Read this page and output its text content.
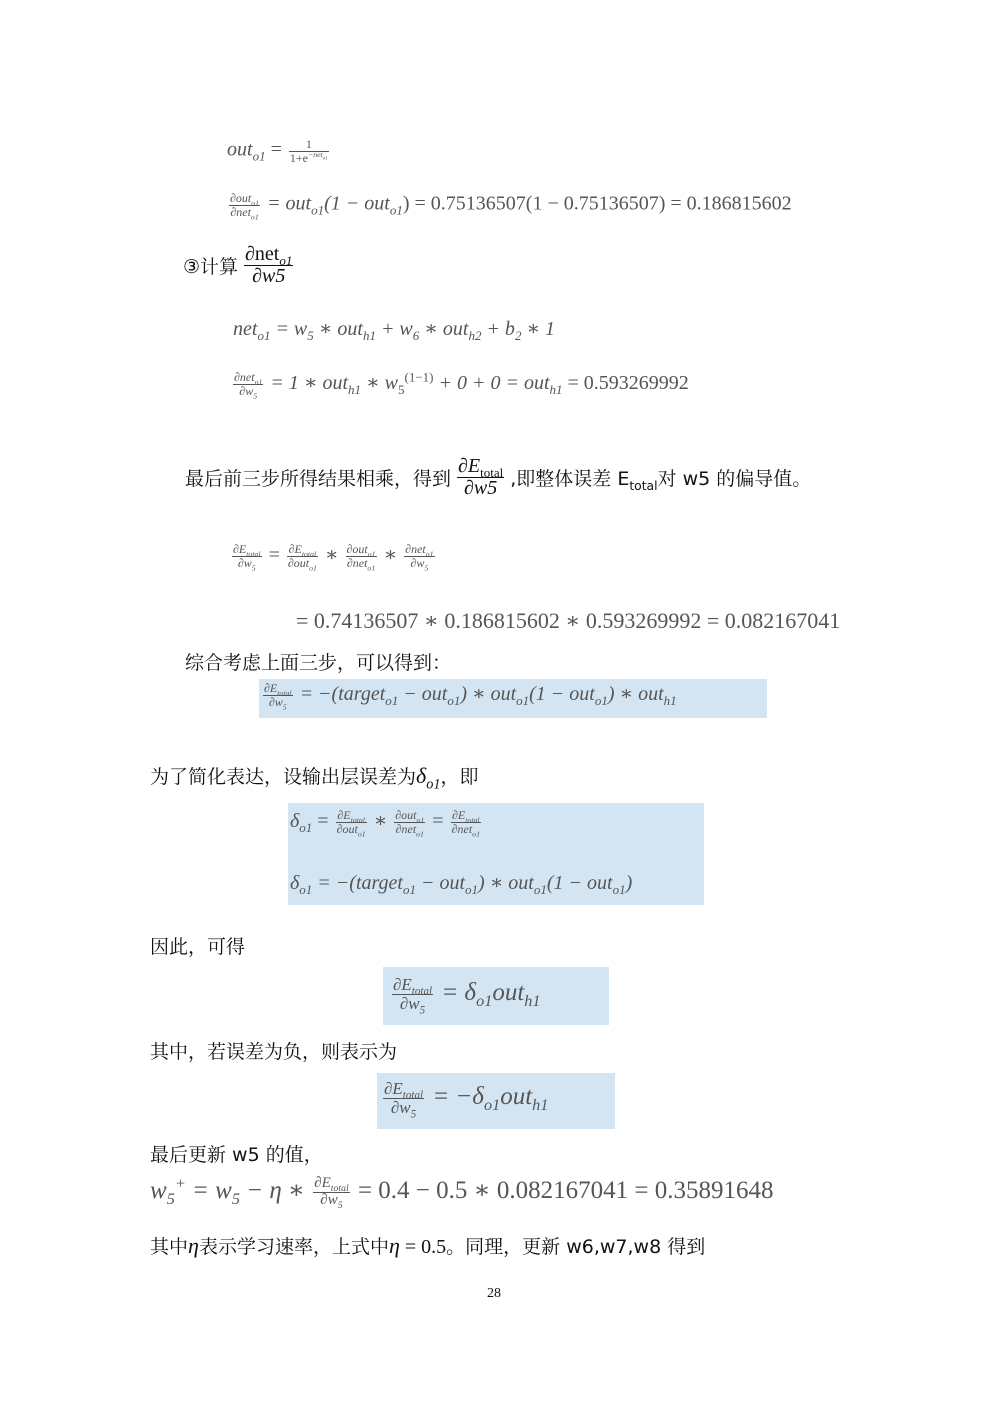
$out_{o1} = \frac{1}{1+e^{-net_{o1}}}$
$\frac{\partial out_{o1}}{\partial net_{o1}} = out_{o1}(1 - out_{o1}) = 0.75136507(1 - 0.75136507) = 0.186815602$
③计算 $\frac{\partial net_{o1}}{\partial w5}$
$net_{o1} = w_5$ ∗ $out_{h1} + w_6$ ∗ $out_{h2} + b_2$ ∗ 1
$\frac{\partial net_{o1}}{\partial w_5} = 1$ ∗ out$_{h1}$ ∗ $w_5^{(1-1)} + 0 + 0 = out_{h1} = 0.593269992$
最后前三步所得结果相乘，得到 $\frac{\partial E_{total}}{\partial w5}$ ,即整体误差 $E_{total}$对 w5 的偏导值。
$\frac{\partial E_{total}}{\partial w_5} = \frac{\partial E_{total}}{\partial out_{o1}}$ ∗ $\frac{\partial out_{o1}}{\partial net_{o1}}$ ∗ $\frac{\partial net_{o1}}{\partial w_5}$
= 0.74136507 ∗ 0.186815602 ∗ 0.593269992 = 0.082167041
综合考虑上面三步，可以得到：
$\frac{\partial E_{total}}{\partial w_5}$ = −(target$_{o1}$ − out$_{o1}$) ∗ out$_{o1}$(1 − out$_{o1}$) ∗ out$_{h1}$
为了简化表达，设输出层误差为$\delta_{o1}$，即
$\delta_{o1} = \frac{\partial E_{total}}{\partial out_{o1}}$ ∗ $\frac{\partial out_{o1}}{\partial net_{o1}} = \frac{\partial E_{total}}{\partial net_{o1}}$
$\delta_{o1}$ = −(target$_{o1}$ − out$_{o1}$) ∗ out$_{o1}$(1 − out$_{o1}$)
因此，可得
$\frac{\partial E_{total}}{\partial w_5} = \delta_{o1}out_{h1}$
其中，若误差为负，则表示为
$\frac{\partial E_{total}}{\partial w_5} = -\delta_{o1}out_{h1}$
最后更新 w5 的值，
$w_5^+ = w_5 - \eta$ ∗ $\frac{\partial E_{total}}{\partial w_5} = 0.4 - 0.5$ ∗ 0.082167041 = 0.35891648
其中η表示学习速率，上式中η = 0.5。同理，更新 w6,w7,w8 得到
28
